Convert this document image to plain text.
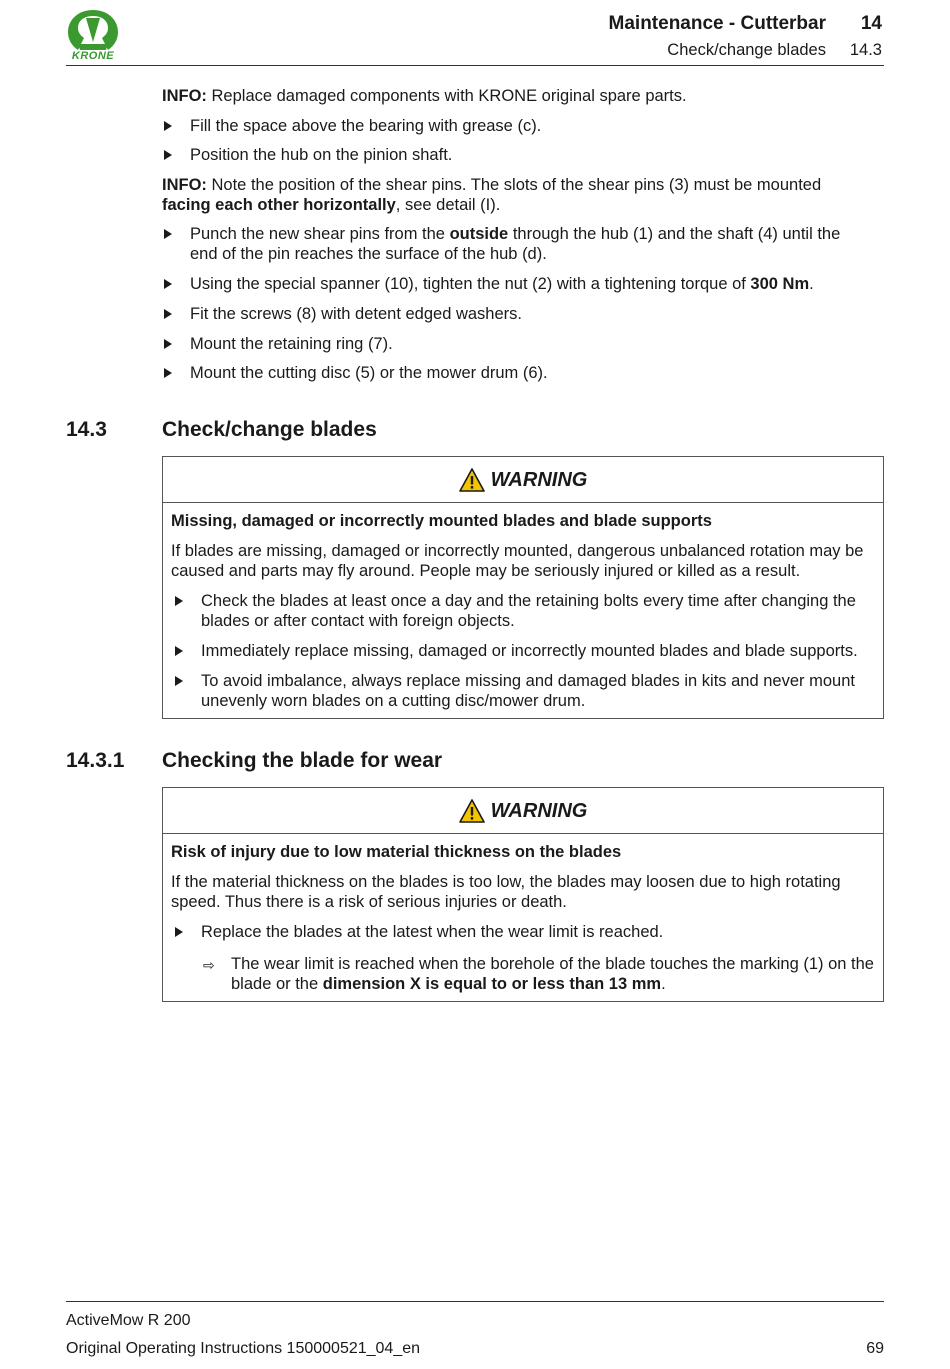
KRONE
Maintenance - Cutterbar 14
Check/change blades 14.3

INFO: Replace damaged components with KRONE original spare parts.

Fill the space above the bearing with grease (c).
Position the hub on the pinion shaft.

INFO: Note the position of the shear pins. The slots of the shear pins (3) must be mounted facing each other horizontally, see detail (I).

Punch the new shear pins from the outside through the hub (1) and the shaft (4) until the end of the pin reaches the surface of the hub (d).
Using the special spanner (10), tighten the nut (2) with a tightening torque of 300 Nm.
Fit the screws (8) with detent edged washers.
Mount the retaining ring (7).
Mount the cutting disc (5) or the mower drum (6).
14.3	Check/change blades
WARNING

Missing, damaged or incorrectly mounted blades and blade supports

If blades are missing, damaged or incorrectly mounted, dangerous unbalanced rotation may be caused and parts may fly around. People may be seriously injured or killed as a result.

Check the blades at least once a day and the retaining bolts every time after changing the blades or after contact with foreign objects.
Immediately replace missing, damaged or incorrectly mounted blades and blade supports.
To avoid imbalance, always replace missing and damaged blades in kits and never mount unevenly worn blades on a cutting disc/mower drum.
14.3.1 Checking the blade for wear
WARNING

Risk of injury due to low material thickness on the blades

If the material thickness on the blades is too low, the blades may loosen due to high rotating speed. Thus there is a risk of serious injuries or death.

Replace the blades at the latest when the wear limit is reached.
⇨ The wear limit is reached when the borehole of the blade touches the marking (1) on the blade or the dimension X is equal to or less than 13 mm.
ActiveMow R 200
Original Operating Instructions 150000521_04_en	69
